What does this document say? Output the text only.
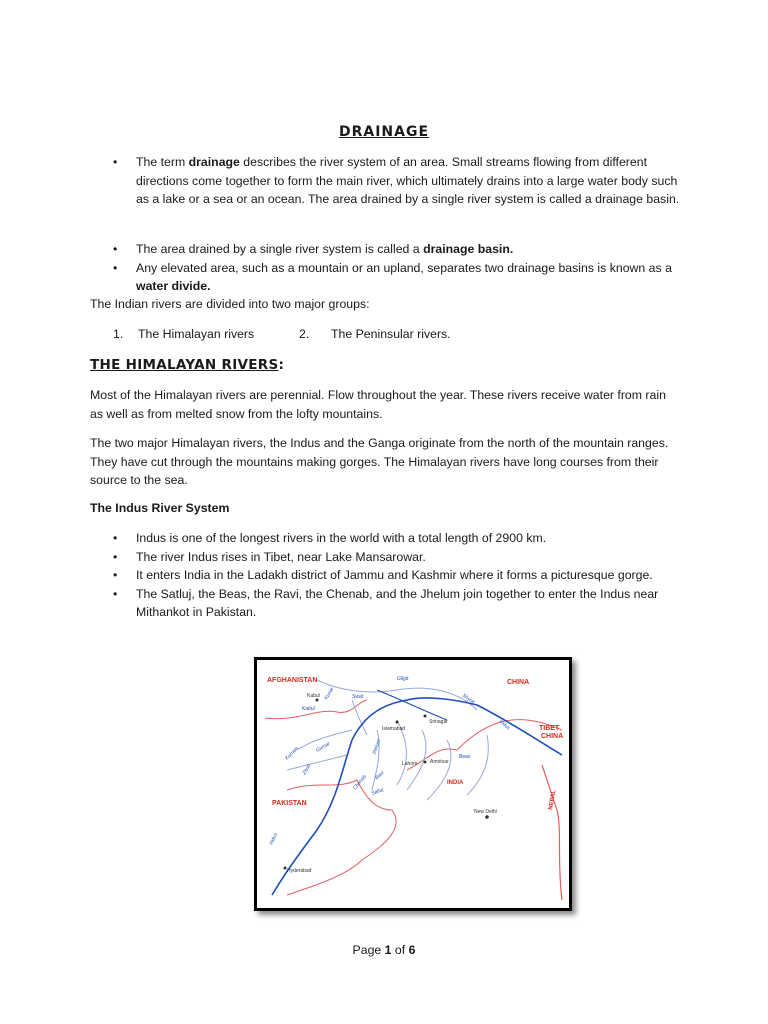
DRAINAGE
• The term drainage describes the river system of an area. Small streams flowing from different directions come together to form the main river, which ultimately drains into a large water body such as a lake or a sea or an ocean. The area drained by a single river system is called a drainage basin.
• The area drained by a single river system is called a drainage basin.
• Any elevated area, such as a mountain or an upland, separates two drainage basins is known as a water divide.

The Indian rivers are divided into two major groups:

1. The Himalayan rivers	2. The Peninsular rivers.
THE HIMALAYAN RIVERS:

Most of the Himalayan rivers are perennial. Flow throughout the year. These rivers receive water from rain as well as from melted snow from the lofty mountains.

The two major Himalayan rivers, the Indus and the Ganga originate from the north of the mountain ranges. They have cut through the mountains making gorges. The Himalayan rivers have long courses from their source to the sea.

The Indus River System
• Indus is one of the longest rivers in the world with a total length of 2900 km.
• The river Indus rises in Tibet, near Lake Mansarowar.
• It enters India in the Ladakh district of Jammu and Kashmir where it forms a picturesque gorge.
• The Satluj, the Beas, the Ravi, the Chenab, and the Jhelum join together to enter the Indus near Mithankot in Pakistan.
AFGHANISTAN	CHINA
TIBET
CHINA
PAKISTAN
INDIA
NEPAL
Kabul
Islamabad
Srinagar
Lahore Amritsar
New Delhi
Hyderabad
Gilgit
Shyok
Indus
Kabul
Kunar	Swat
Kurram	Gumal
Zhob
Jhelum
Chenab Ravi
Beas
Satluj
Indus
Page 1 of 6
